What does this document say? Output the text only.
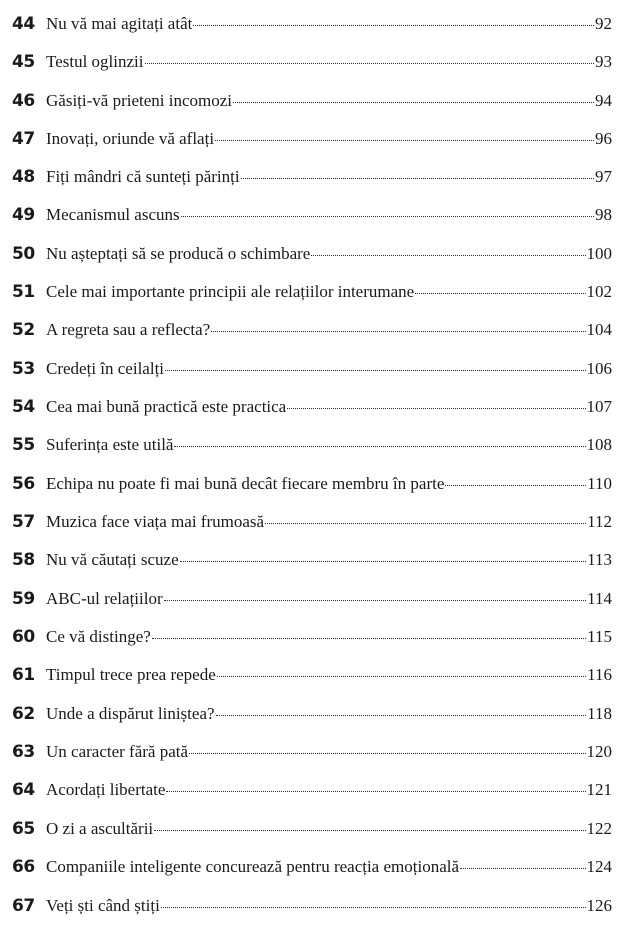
44 Nu vă mai agitați atât	92
45 Testul oglinzii	93
46 Găsiți-vă prieteni incomozi	94
47 Inovați, oriunde vă aflați	96
48 Fiți mândri că sunteți părinți	97
49 Mecanismul ascuns	98
50 Nu așteptați să se producă o schimbare	100
51 Cele mai importante principii ale relațiilor interumane	102
52 A regreta sau a reflecta?	104
53 Credeți în ceilalți	106
54 Cea mai bună practică este practica	107
55 Suferința este utilă	108
56 Echipa nu poate fi mai bună decât fiecare membru în parte	110
57 Muzica face viața mai frumoasă	112
58 Nu vă căutați scuze	113
59 ABC-ul relațiilor	114
60 Ce vă distinge?	115
61 Timpul trece prea repede	116
62 Unde a dispărut liniștea?	118
63 Un caracter fără pată	120
64 Acordați libertate	121
65 O zi a ascultării	122
66 Companiile inteligente concurează pentru reacția emoțională	124
67 Veți ști când știți	126
